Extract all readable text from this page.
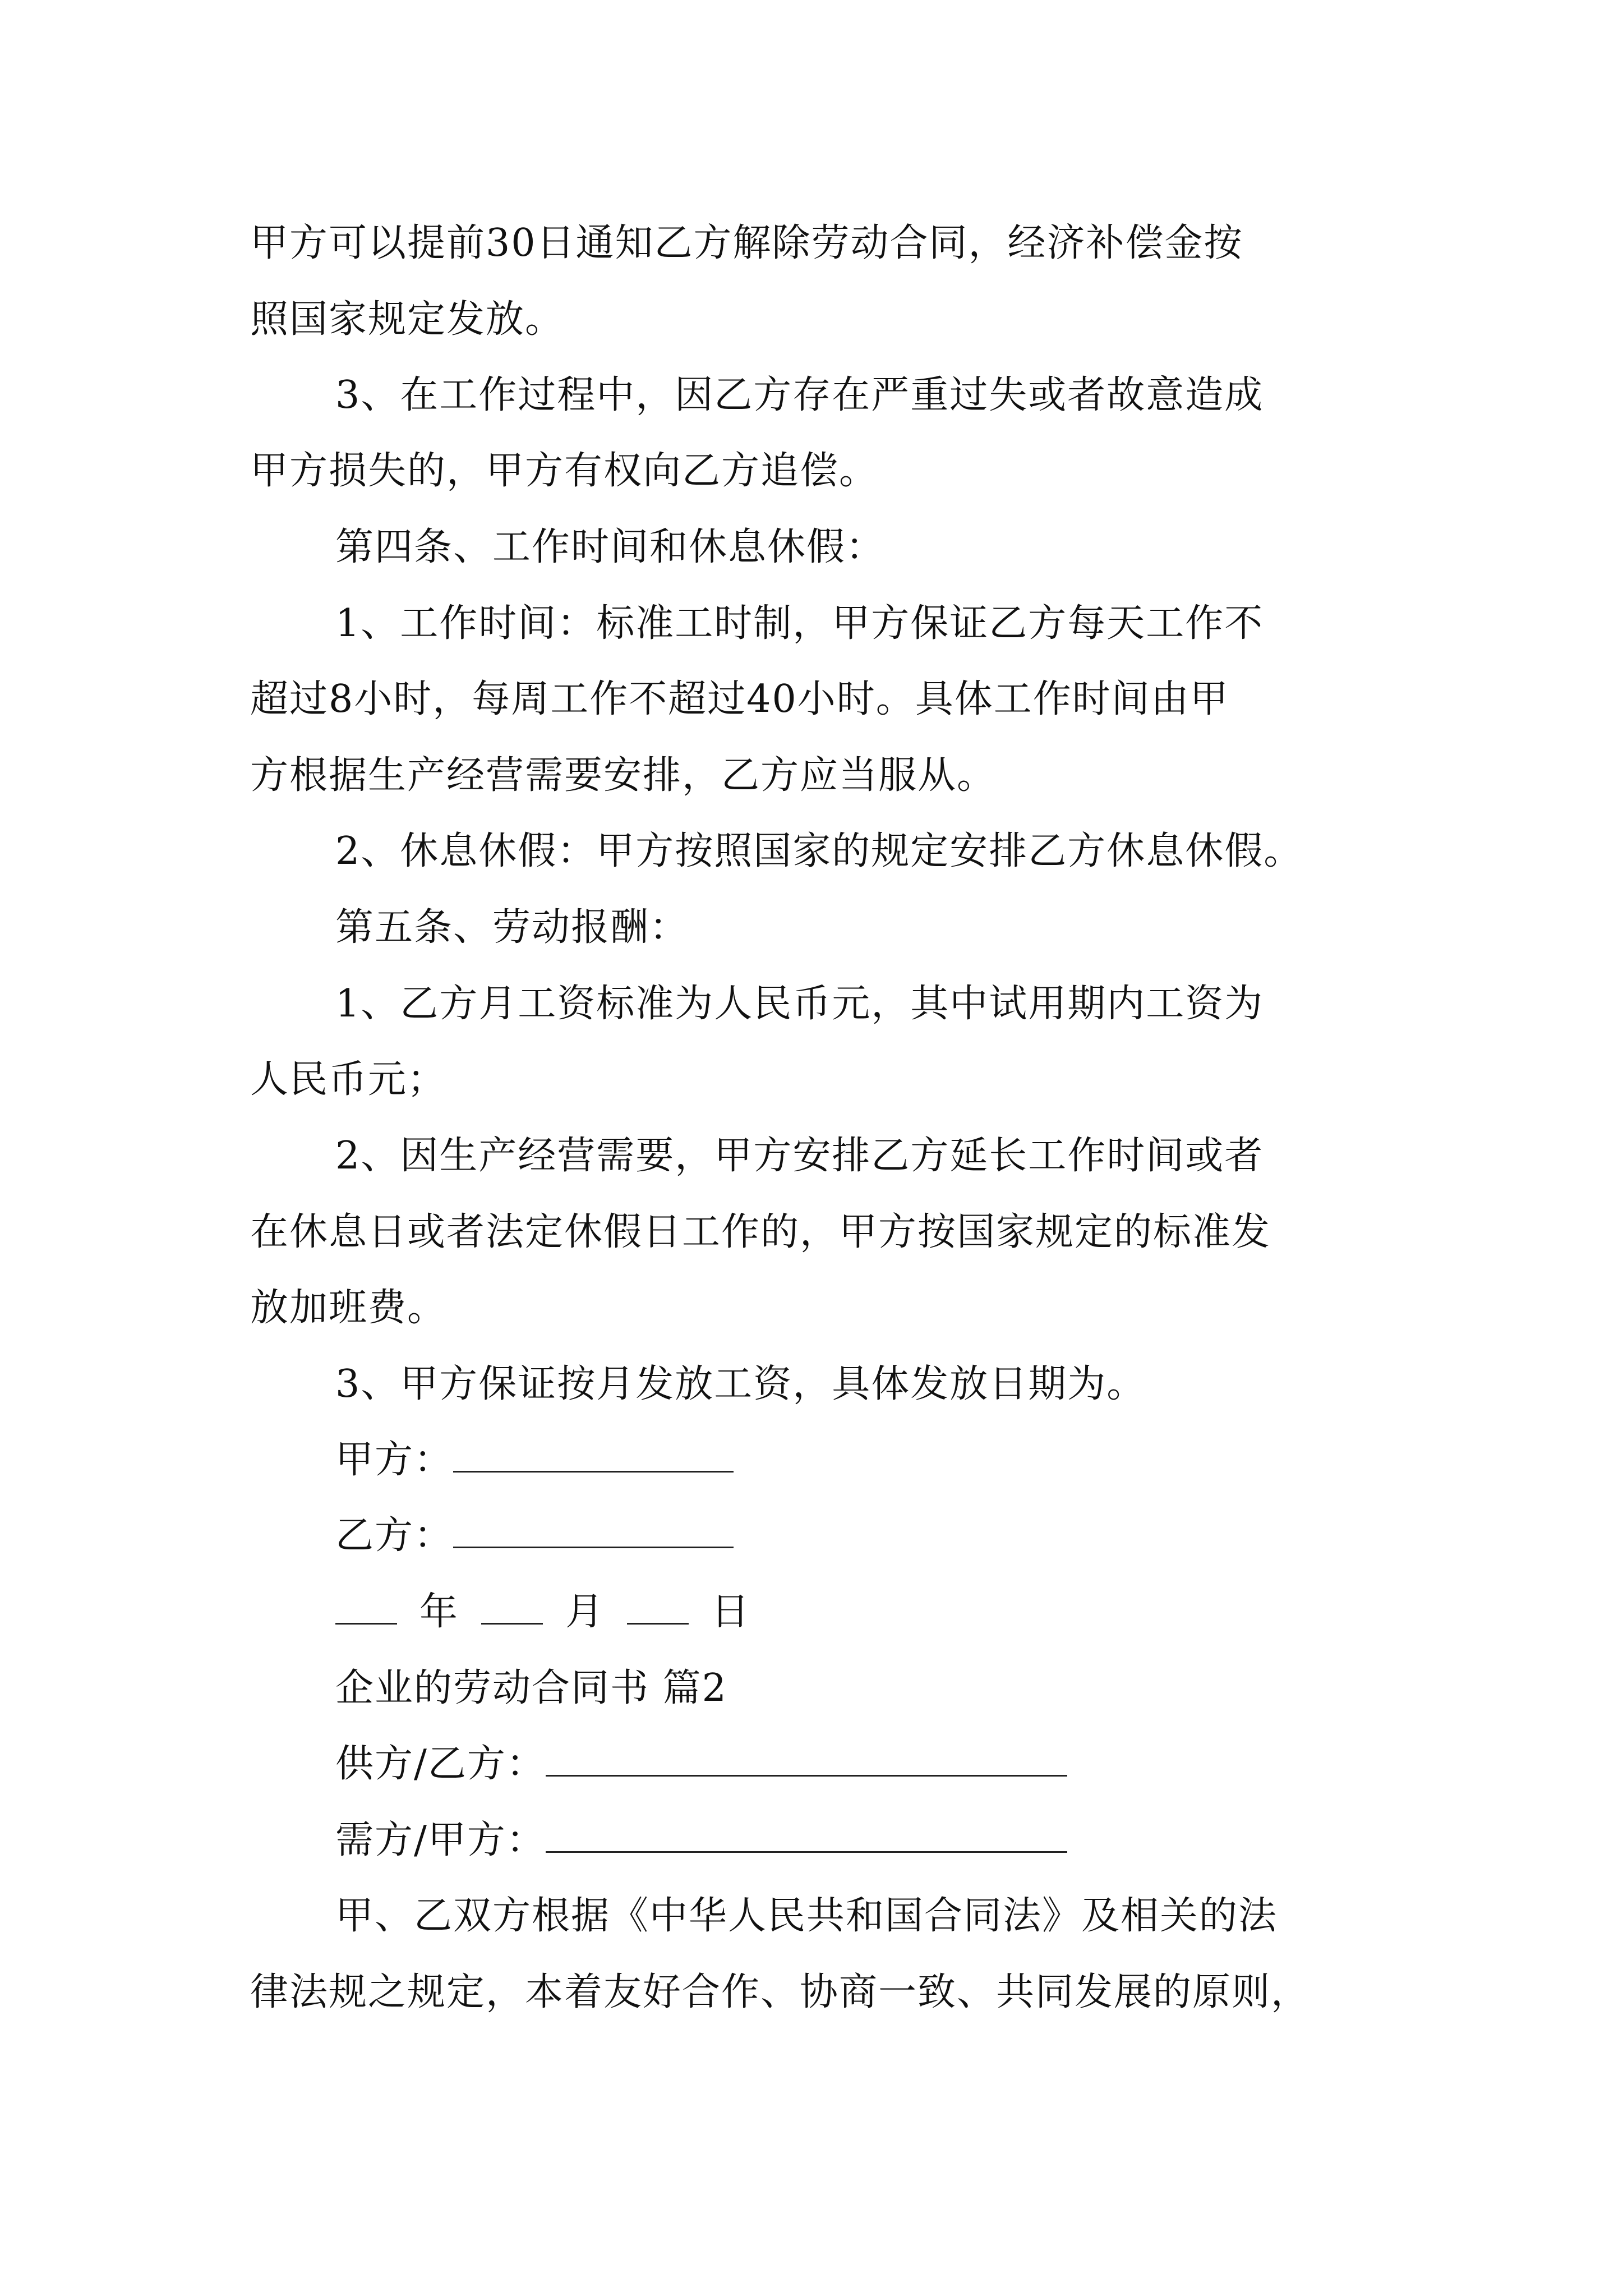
甲方可以提前30日通知乙方解除劳动合同，经济补偿金按
照国家规定发放。
3、在工作过程中，因乙方存在严重过失或者故意造成
甲方损失的，甲方有权向乙方追偿。
第四条、工作时间和休息休假：
1、工作时间：标准工时制，甲方保证乙方每天工作不
超过8小时，每周工作不超过40小时。具体工作时间由甲
方根据生产经营需要安排，乙方应当服从。
2、休息休假：甲方按照国家的规定安排乙方休息休假。
第五条、劳动报酬：
1、乙方月工资标准为人民币元，其中试用期内工资为
人民币元；
2、因生产经营需要，甲方安排乙方延长工作时间或者
在休息日或者法定休假日工作的，甲方按国家规定的标准发
放加班费。
3、甲方保证按月发放工资，具体发放日期为。
甲方：
乙方：
年	月	日
企业的劳动合同书 篇2
供方/乙方：
需方/甲方：
甲、乙双方根据《中华人民共和国合同法》及相关的法
律法规之规定，本着友好合作、协商一致、共同发展的原则，
